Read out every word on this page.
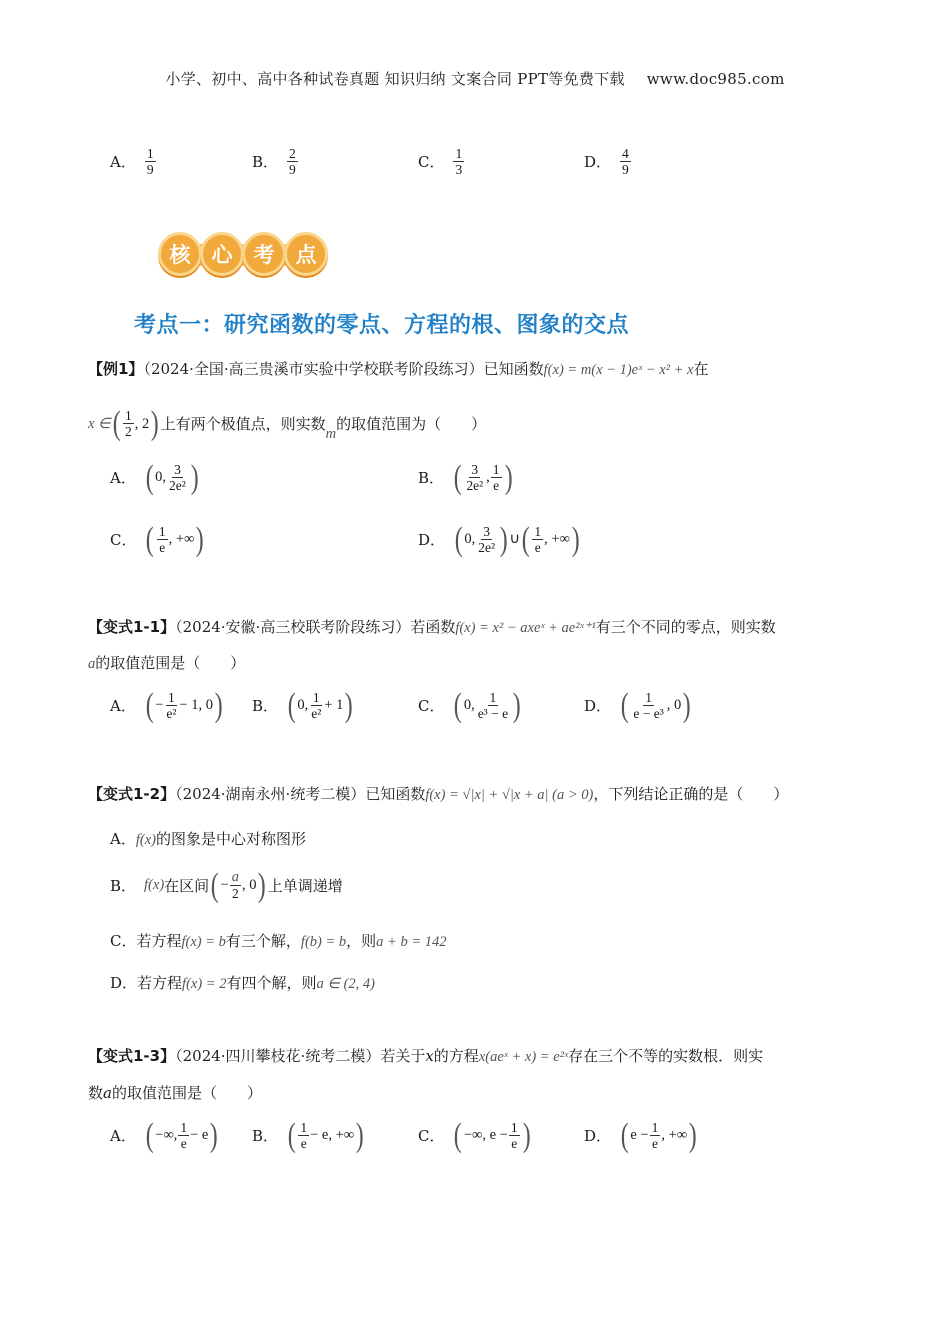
小学、初中、高中各种试卷真题 知识归纳 文案合同 PPT等免费下载 www.doc985.com
A． $\frac{1}{9}$	B． $\frac{2}{9}$	C． $\frac{1}{3}$	D． $\frac{4}{9}$
核	心	考	点
考点一：研究函数的零点、方程的根、图象的交点
【例1】（2024·全国·高三贵溪市实验中学校联考阶段练习）已知函数f(x) = m(x − 1)eˣ − x² + x在
x ∈ ( $\frac{1}{2}$ , 2 ) 上有两个极值点，则实数
m
的取值范围为（　　）
A． ( 0, $\frac{3}{\text{2e²}}$ )	B． ( $\frac{3}{\text{2e²}}$ , $\frac{1}{e}$ )
C． ( $\frac{1}{e}$ , +∞ )	D． ( 0, $\frac{3}{\text{2e²}}$ ) ∪ ( $\frac{1}{e}$ , +∞ )
【变式1-1】（2024·安徽·高三校联考阶段练习）若函数f(x) = x² − axeˣ + ae²ˣ⁺¹有三个不同的零点，则实数
a的取值范围是（　　）
A． ( − $\frac{1}{\text{e²}} - 1$, 0 ) B． ( 0, $\frac{1}{\text{e²}} + 1$ )	C． ( 0, $\frac{1}{\text{e³ − e}}$ )	D． ( $\frac{1}{\text{e − e³}}$ , 0 )
【变式1-2】（2024·湖南永州·统考二模）已知函数f(x) = √|x| + √|x + a| (a > 0)，下列结论正确的是（　　）
A．f(x)的图象是中心对称图形
B． f(x) 在区间 ( − $\frac{a}{2}$ , 0 ) 上单调递增
C．若方程f(x) = b有三个解，f(b) = b，则a + b = 142
D．若方程f(x) = 2有四个解，则a ∈ (2, 4)
【变式1-3】（2024·四川攀枝花·统考二模）若关于x的方程x(aeˣ + x) = e²ˣ存在三个不等的实数根．则实
数a的取值范围是（　　）
A． ( −∞, $\frac{1}{e} - e$ ) B． ( $\frac{1}{e} - e$, +∞ )	C． ( −∞, $e - \frac{1}{e}$ )	D． ( $e - \frac{1}{e}$ , +∞ )
